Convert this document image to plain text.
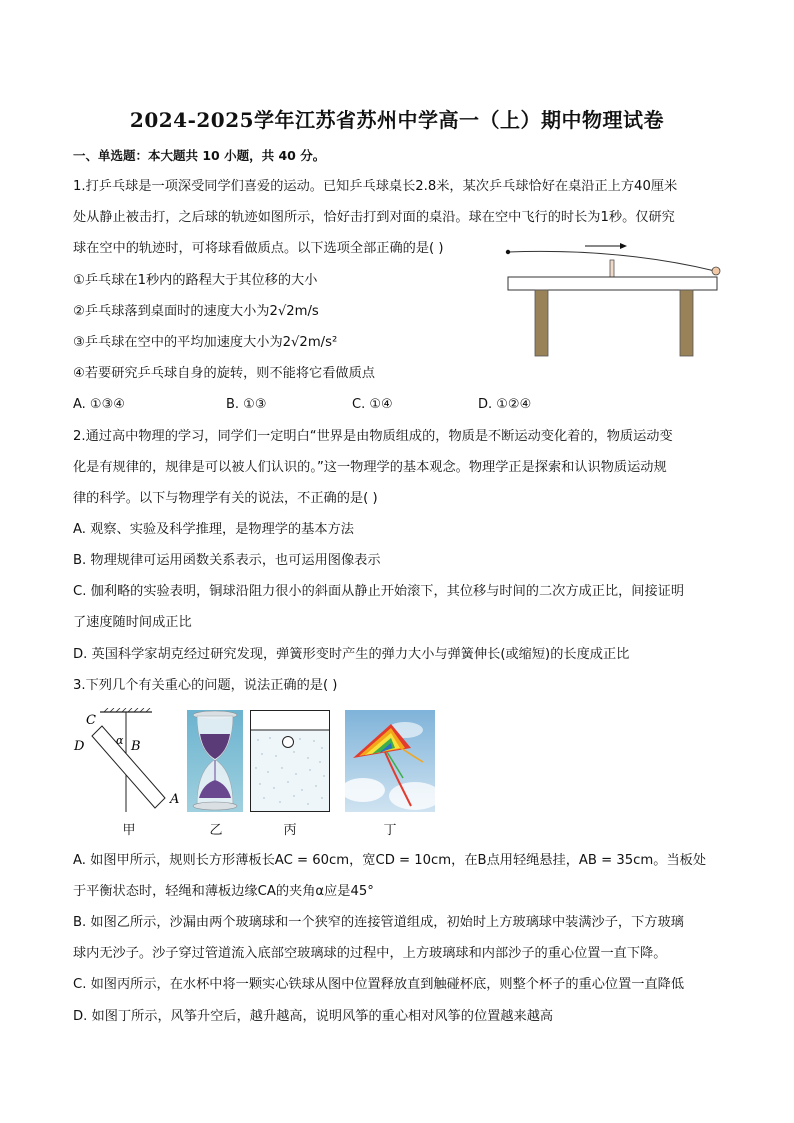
2024-2025学年江苏省苏州中学高一（上）期中物理试卷
一、单选题：本大题共 10 小题，共 40 分。
1.打乒乓球是一项深受同学们喜爱的运动。已知乒乓球桌长2.8米，某次乒乓球恰好在桌沿正上方40厘米
处从静止被击打，之后球的轨迹如图所示，恰好击打到对面的桌沿。球在空中飞行的时长为1秒。仅研究
球在空中的轨迹时，可将球看做质点。以下选项全部正确的是( )
①乒乓球在1秒内的路程大于其位移的大小
②乒乓球落到桌面时的速度大小为2√2m/s
③乒乓球在空中的平均加速度大小为2√2m/s²
④若要研究乒乓球自身的旋转，则不能将它看做质点
A. ①③④	B. ①③	C. ①④	D. ①②④
2.通过高中物理的学习，同学们一定明白“世界是由物质组成的，物质是不断运动变化着的，物质运动变
化是有规律的，规律是可以被人们认识的。”这一物理学的基本观念。物理学正是探索和认识物质运动规
律的科学。以下与物理学有关的说法，不正确的是( )
A. 观察、实验及科学推理，是物理学的基本方法
B. 物理规律可运用函数关系表示，也可运用图像表示
C. 伽利略的实验表明，铜球沿阻力很小的斜面从静止开始滚下，其位移与时间的二次方成正比，间接证明
了速度随时间成正比
D. 英国科学家胡克经过研究发现，弹簧形变时产生的弹力大小与弹簧伸长(或缩短)的长度成正比
3.下列几个有关重心的问题，说法正确的是( )
C
D	B
A
α
甲	乙	丙	丁
A. 如图甲所示，规则长方形薄板长AC = 60cm，宽CD = 10cm，在B点用轻绳悬挂，AB = 35cm。当板处
于平衡状态时，轻绳和薄板边缘CA的夹角α应是45°
B. 如图乙所示，沙漏由两个玻璃球和一个狭窄的连接管道组成，初始时上方玻璃球中装满沙子，下方玻璃
球内无沙子。沙子穿过管道流入底部空玻璃球的过程中，上方玻璃球和内部沙子的重心位置一直下降。
C. 如图丙所示，在水杯中将一颗实心铁球从图中位置释放直到触碰杯底，则整个杯子的重心位置一直降低
D. 如图丁所示，风筝升空后，越升越高，说明风筝的重心相对风筝的位置越来越高
